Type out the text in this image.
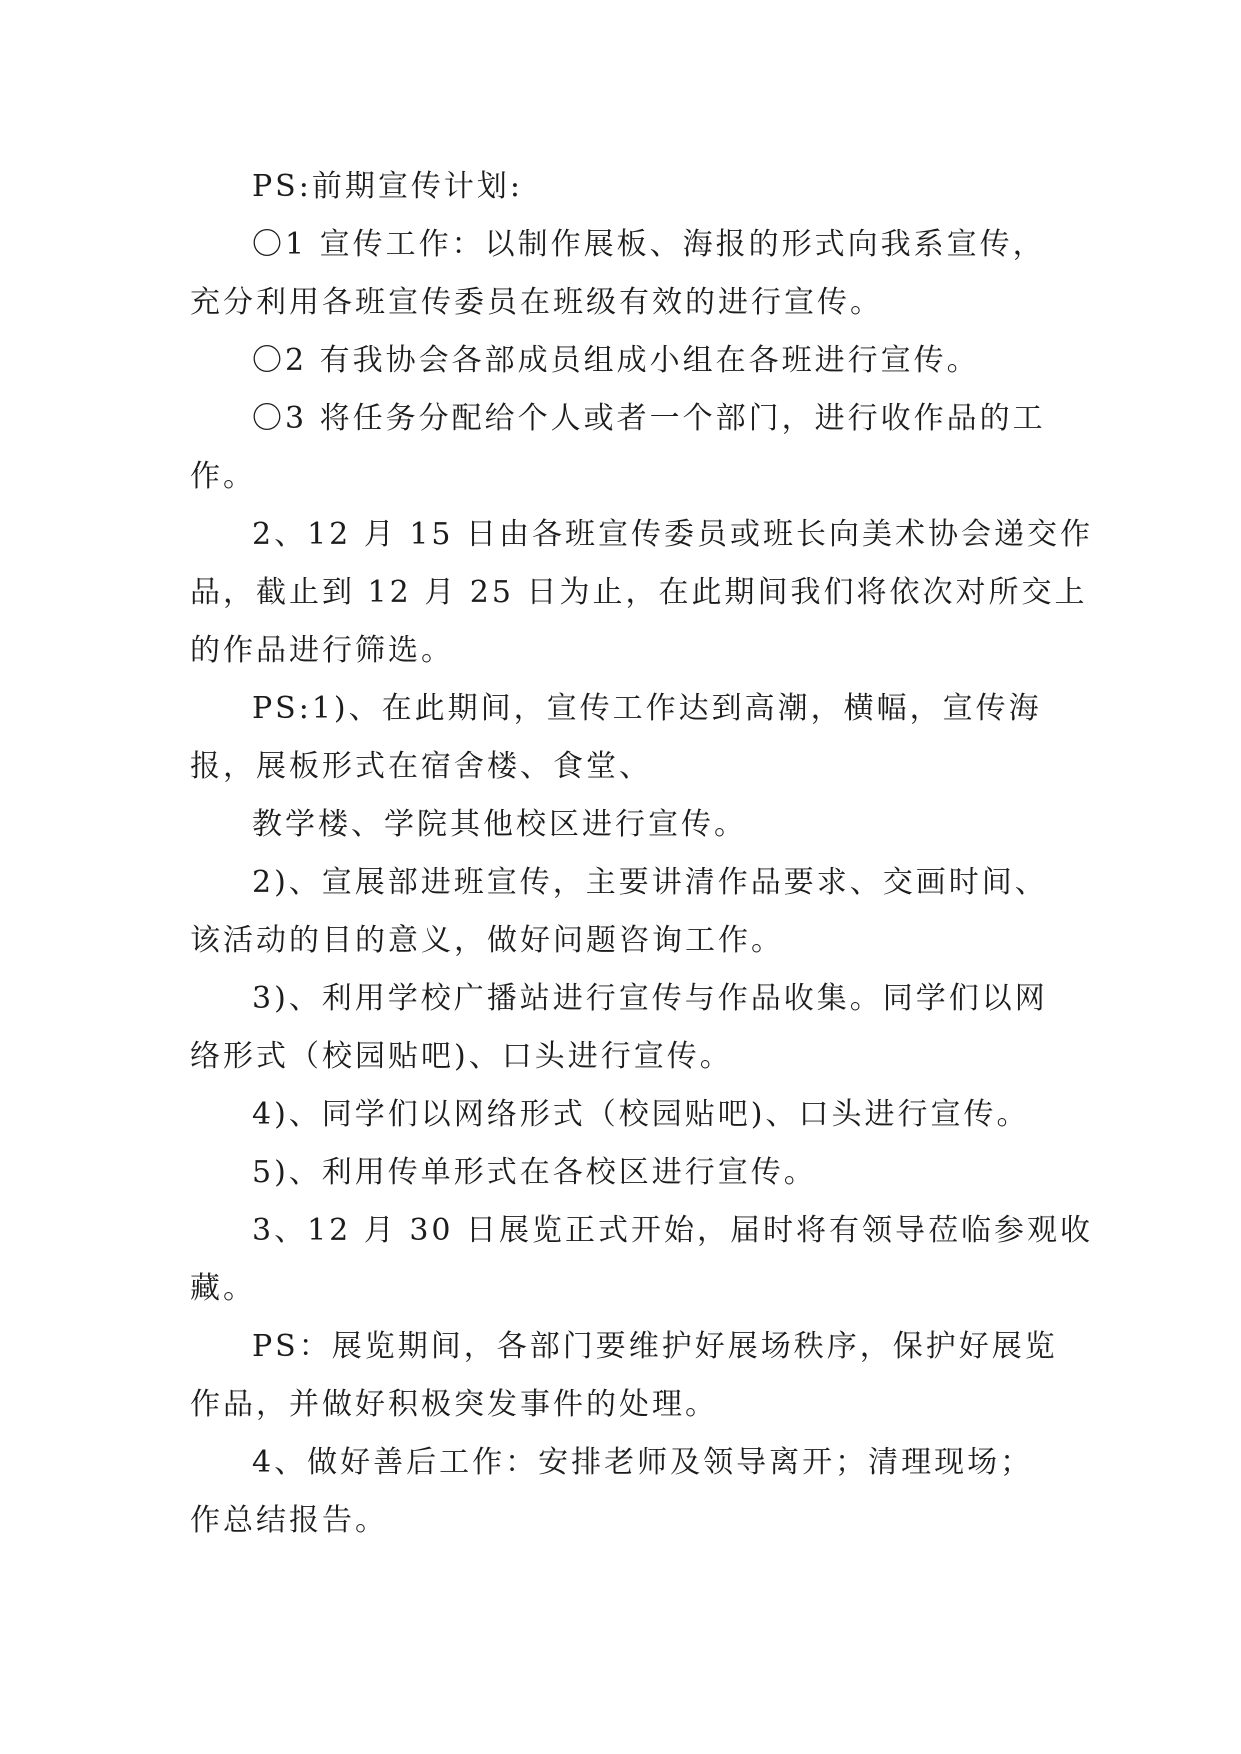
PS:前期宣传计划:
〇1 宣传工作：以制作展板、海报的形式向我系宣传，
充分利用各班宣传委员在班级有效的进行宣传。
〇2 有我协会各部成员组成小组在各班进行宣传。
〇3 将任务分配给个人或者一个部门，进行收作品的工
作。
2、12 月 15 日由各班宣传委员或班长向美术协会递交作
品，截止到 12 月 25 日为止，在此期间我们将依次对所交上
的作品进行筛选。
PS:1)、在此期间，宣传工作达到高潮，横幅，宣传海
报，展板形式在宿舍楼、食堂、
教学楼、学院其他校区进行宣传。
2)、宣展部进班宣传，主要讲清作品要求、交画时间、
该活动的目的意义，做好问题咨询工作。
3)、利用学校广播站进行宣传与作品收集。同学们以网
络形式（校园贴吧)、口头进行宣传。
4)、同学们以网络形式（校园贴吧)、口头进行宣传。
5)、利用传单形式在各校区进行宣传。
3、12 月 30 日展览正式开始，届时将有领导莅临参观收
藏。
PS：展览期间，各部门要维护好展场秩序，保护好展览
作品，并做好积极突发事件的处理。
4、做好善后工作：安排老师及领导离开；清理现场；
作总结报告。
